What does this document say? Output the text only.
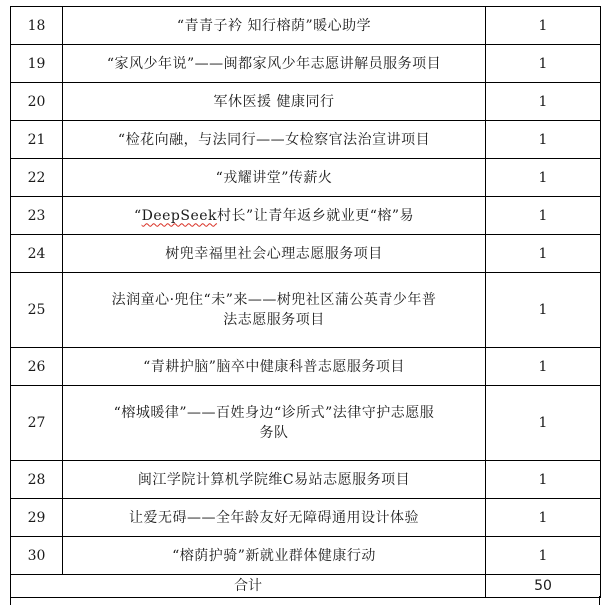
18	“青青子衿 知行榕荫”暖心助学	1
19	“家风少年说”——闽都家风少年志愿讲解员服务项目	1
20	军休医援 健康同行	1
21	“检花向融，与法同行——女检察官法治宣讲项目	1
22	“戎耀讲堂”传薪火	1
23	“DeepSeek村长”让青年返乡就业更“榕”易	1
24	树兜幸福里社会心理志愿服务项目	1
25	法润童心·兜住“未”来——树兜社区蒲公英青少年普
法志愿服务项目	1
26	“青耕护脑”脑卒中健康科普志愿服务项目	1
27	“榕城暖律”——百姓身边“诊所式”法律守护志愿服
务队	1
28	闽江学院计算机学院维C易站志愿服务项目	1
29	让爱无碍——全年龄友好无障碍通用设计体验	1
30	“榕荫护骑”新就业群体健康行动	1
合计		50
